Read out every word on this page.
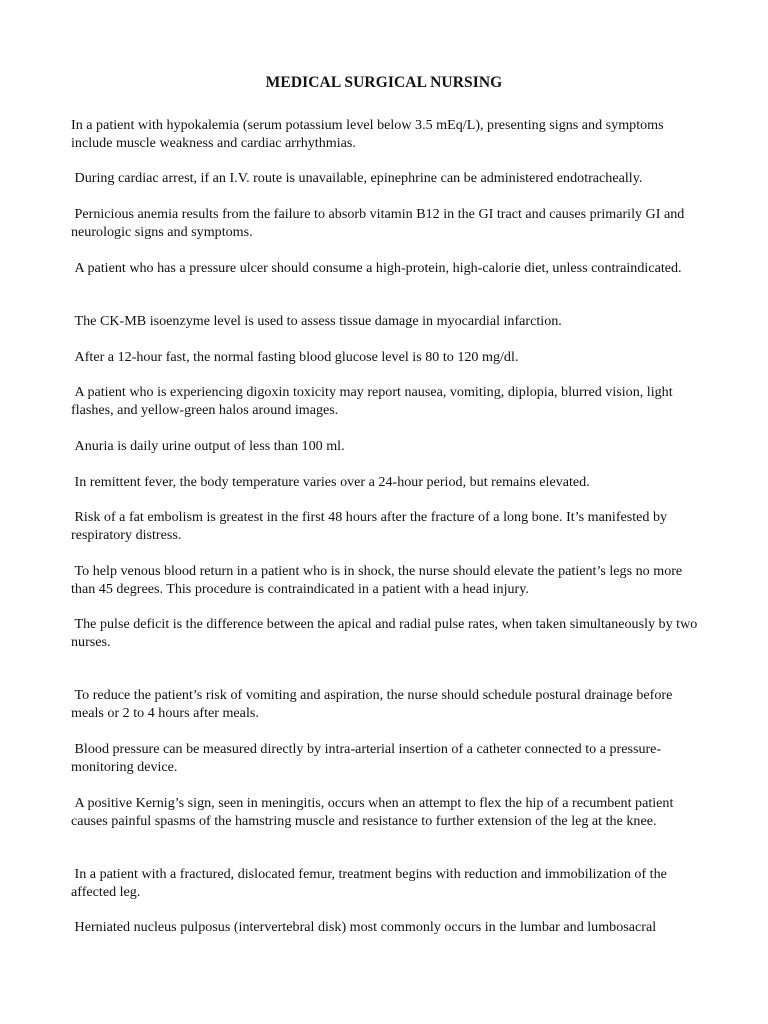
MEDICAL SURGICAL NURSING

In a patient with hypokalemia (serum potassium level below 3.5 mEq/L), presenting signs and symptoms include muscle weakness and cardiac arrhythmias.

During cardiac arrest, if an I.V. route is unavailable, epinephrine can be administered endotracheally.

Pernicious anemia results from the failure to absorb vitamin B12 in the GI tract and causes primarily GI and neurologic signs and symptoms.

A patient who has a pressure ulcer should consume a high-protein, high-calorie diet, unless contraindicated.

The CK-MB isoenzyme level is used to assess tissue damage in myocardial infarction.

After a 12-hour fast, the normal fasting blood glucose level is 80 to 120 mg/dl.

A patient who is experiencing digoxin toxicity may report nausea, vomiting, diplopia, blurred vision, light flashes, and yellow-green halos around images.

Anuria is daily urine output of less than 100 ml.

In remittent fever, the body temperature varies over a 24-hour period, but remains elevated.

Risk of a fat embolism is greatest in the first 48 hours after the fracture of a long bone. It’s manifested by respiratory distress.

To help venous blood return in a patient who is in shock, the nurse should elevate the patient’s legs no more than 45 degrees. This procedure is contraindicated in a patient with a head injury.

The pulse deficit is the difference between the apical and radial pulse rates, when taken simultaneously by two nurses.

To reduce the patient’s risk of vomiting and aspiration, the nurse should schedule postural drainage before meals or 2 to 4 hours after meals.

Blood pressure can be measured directly by intra-arterial insertion of a catheter connected to a pressure-monitoring device.

A positive Kernig’s sign, seen in meningitis, occurs when an attempt to flex the hip of a recumbent patient causes painful spasms of the hamstring muscle and resistance to further extension of the leg at the knee.

In a patient with a fractured, dislocated femur, treatment begins with reduction and immobilization of the affected leg.

Herniated nucleus pulposus (intervertebral disk) most commonly occurs in the lumbar and lumbosacral
